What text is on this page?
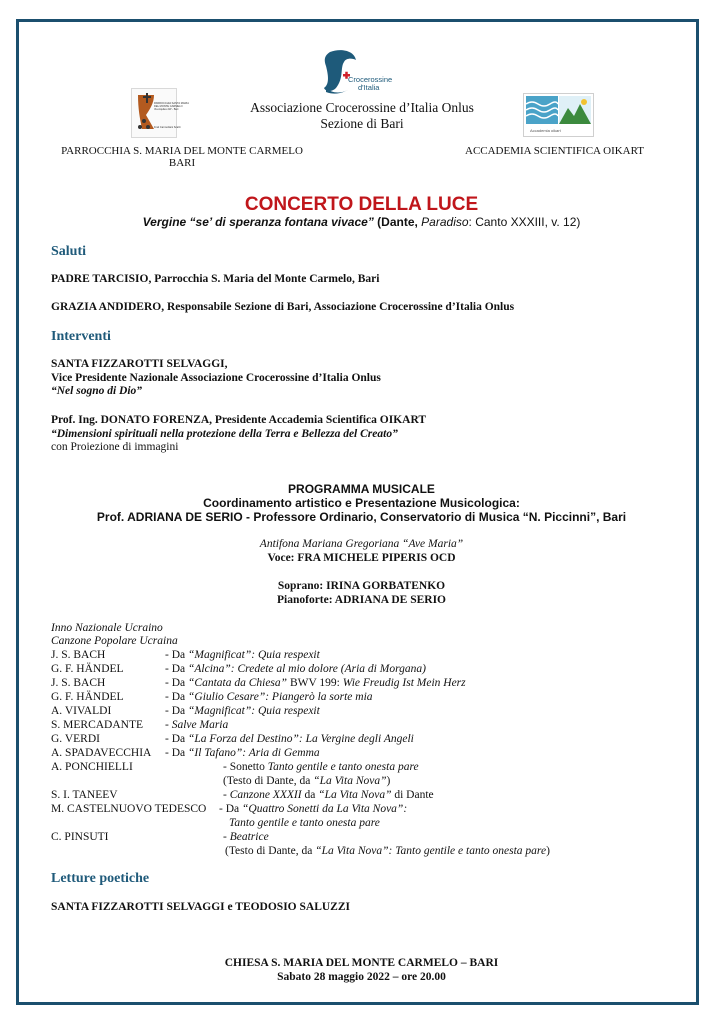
Crocerossine
d'Italia
PARROCCHIA SANTA MARIA
DEL MONTE CARMELO
Via Aquiles 2W - Bari
Frati Carmelitani Scalzi
Accademia oikart
Associazione Crocerossine d’Italia Onlus
Sezione di Bari
PARROCCHIA S. MARIA DEL MONTE CARMELO
BARI
ACCADEMIA SCIENTIFICA OIKART
CONCERTO DELLA LUCE
Vergine “se’ di speranza fontana vivace” (Dante, Paradiso: Canto XXXIII, v. 12)
Saluti
PADRE TARCISIO, Parrocchia S. Maria del Monte Carmelo, Bari
GRAZIA ANDIDERO, Responsabile Sezione di Bari, Associazione Crocerossine d’Italia Onlus
Interventi
SANTA FIZZAROTTI SELVAGGI,
Vice Presidente Nazionale Associazione Crocerossine d’Italia Onlus
“Nel sogno di Dio”
Prof. Ing. DONATO FORENZA, Presidente Accademia Scientifica OIKART
“Dimensioni spirituali nella protezione della Terra e Bellezza del Creato”
con Proiezione di immagini
PROGRAMMA MUSICALE
Coordinamento artistico e Presentazione Musicologica:
Prof. ADRIANA DE SERIO - Professore Ordinario, Conservatorio di Musica “N. Piccinni”, Bari
Antifona Mariana Gregoriana “Ave Maria”
Voce: FRA MICHELE PIPERIS OCD
Soprano: IRINA GORBATENKO
Pianoforte: ADRIANA DE SERIO
Inno Nazionale Ucraino
Canzone Popolare Ucraina
J. S. BACH	- Da “Magnificat”: Quia respexit
G. F. HÄNDEL	- Da “Alcina”: Credete al mio dolore (Aria di Morgana)
J. S. BACH	- Da “Cantata da Chiesa” BWV 199: Wie Freudig Ist Mein Herz
G. F. HÄNDEL	- Da “Giulio Cesare”: Piangerò la sorte mia
A. VIVALDI	- Da “Magnificat”: Quia respexit
S. MERCADANTE - Salve Maria
G. VERDI	- Da “La Forza del Destino”: La Vergine degli Angeli
A. SPADAVECCHIA - Da “Il Tafano”: Aria di Gemma
A. PONCHIELLI	- Sonetto Tanto gentile e tanto onesta pare
(Testo di Dante, da “La Vita Nova”)
S. I. TANEEV	- Canzone XXXII da “La Vita Nova” di Dante
M. CASTELNUOVO TEDESCO - Da “Quattro Sonetti da La Vita Nova”:
Tanto gentile e tanto onesta pare
C. PINSUTI	- Beatrice
(Testo di Dante, da “La Vita Nova”: Tanto gentile e tanto onesta pare)
Letture poetiche
SANTA FIZZAROTTI SELVAGGI e TEODOSIO SALUZZI
CHIESA S. MARIA DEL MONTE CARMELO – BARI
Sabato 28 maggio 2022 – ore 20.00
